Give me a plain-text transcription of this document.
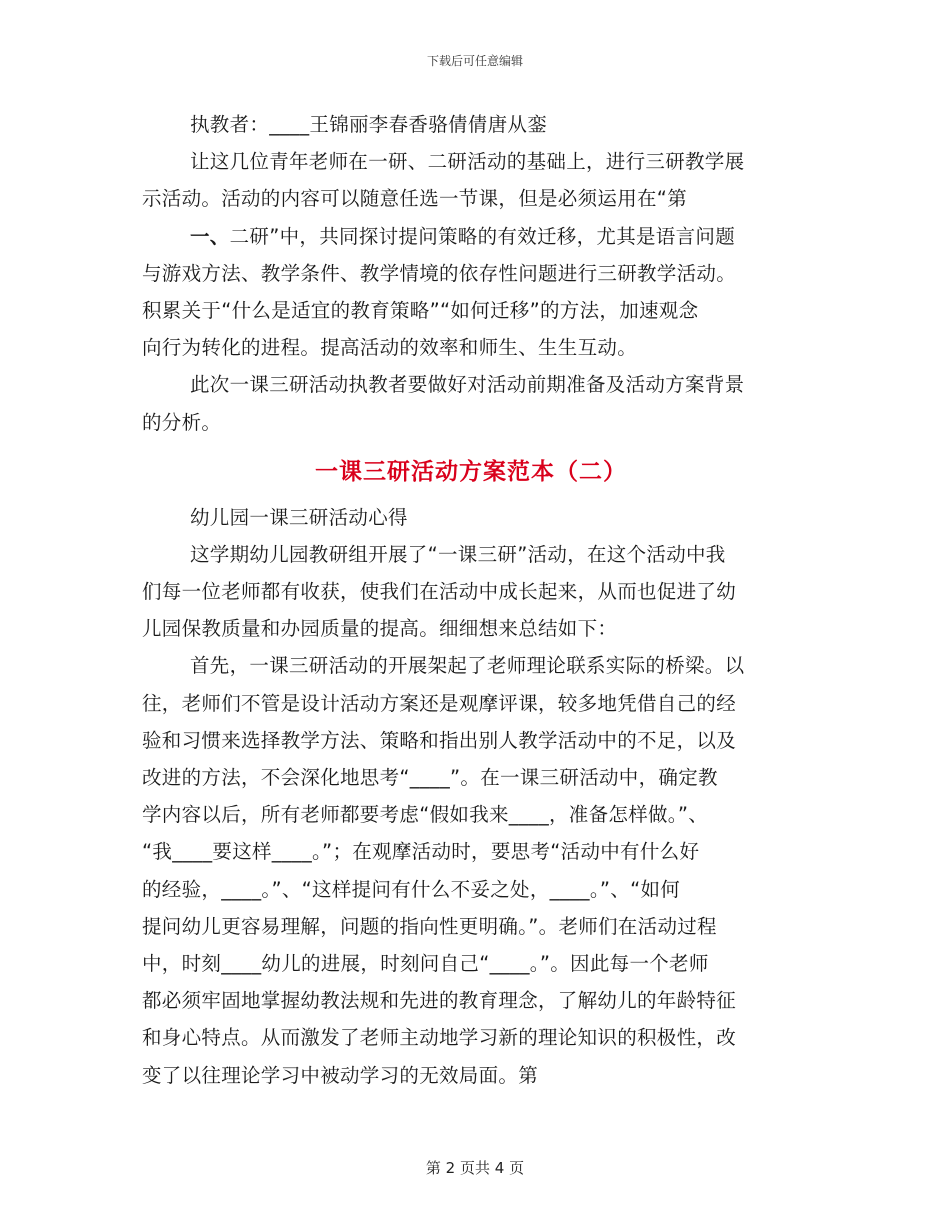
下载后可任意编辑
执教者：____王锦丽李春香骆倩倩唐从銮
让这几位青年老师在一研、二研活动的基础上，进行三研教学展
示活动。活动的内容可以随意任选一节课，但是必须运用在“第
一、二研”中，共同探讨提问策略的有效迁移，尤其是语言问题
与游戏方法、教学条件、教学情境的依存性问题进行三研教学活动。
积累关于“什么是适宜的教育策略”“如何迁移”的方法，加速观念
向行为转化的进程。提高活动的效率和师生、生生互动。
此次一课三研活动执教者要做好对活动前期准备及活动方案背景
的分析。
一课三研活动方案范本（二）
幼儿园一课三研活动心得
这学期幼儿园教研组开展了“一课三研”活动，在这个活动中我
们每一位老师都有收获，使我们在活动中成长起来，从而也促进了幼
儿园保教质量和办园质量的提高。细细想来总结如下：
首先，一课三研活动的开展架起了老师理论联系实际的桥梁。以
往，老师们不管是设计活动方案还是观摩评课，较多地凭借自己的经
验和习惯来选择教学方法、策略和指出别人教学活动中的不足，以及
改进的方法，不会深化地思考“____”。在一课三研活动中，确定教
学内容以后，所有老师都要考虑“假如我来____，准备怎样做。”、
“我____要这样____。”；在观摩活动时，要思考“活动中有什么好
的经验，____。”、“这样提问有什么不妥之处，____。”、“如何
提问幼儿更容易理解，问题的指向性更明确。”。老师们在活动过程
中，时刻____幼儿的进展，时刻问自己“____。”。因此每一个老师
都必须牢固地掌握幼教法规和先进的教育理念，了解幼儿的年龄特征
和身心特点。从而激发了老师主动地学习新的理论知识的积极性，改
变了以往理论学习中被动学习的无效局面。第
第 2 页共 4 页
